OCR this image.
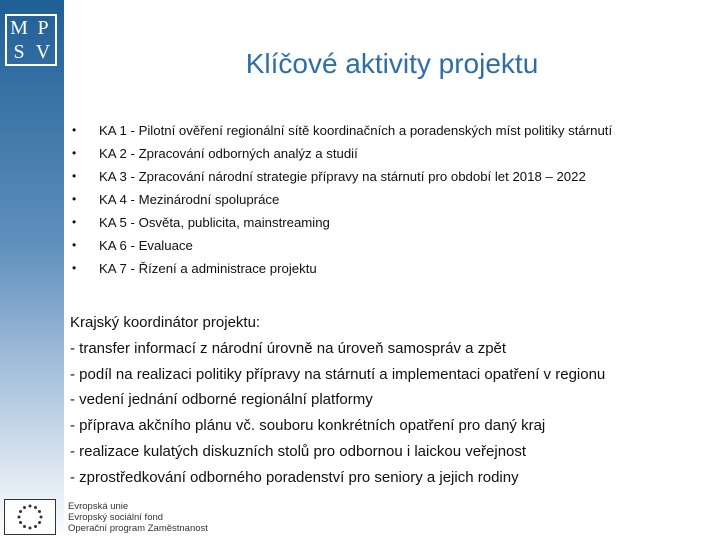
M P
S V	Klíčové aktivity projektu
• KA 1 - Pilotní ověření regionální sítě koordinačních a poradenských míst politiky stárnutí
• KA 2 - Zpracování odborných analýz a studií
• KA 3 - Zpracování národní strategie přípravy na stárnutí pro období let 2018 – 2022
• KA 4 - Mezinárodní spolupráce
• KA 5 - Osvěta, publicita, mainstreaming
• KA 6 - Evaluace
• KA 7 - Řízení a administrace projektu
Krajský koordinátor projektu:
- transfer informací z národní úrovně na úroveň samospráv a zpět
- podíl na realizaci politiky přípravy na stárnutí a implementaci opatření v regionu
- vedení jednání odborné regionální platformy
- příprava akčního plánu vč. souboru konkrétních opatření pro daný kraj
- realizace kulatých diskuzních stolů pro odbornou i laickou veřejnost
- zprostředkování odborného poradenství pro seniory a jejich rodiny
Evropská unie
Evropský sociální fond
Operační program Zaměstnanost
